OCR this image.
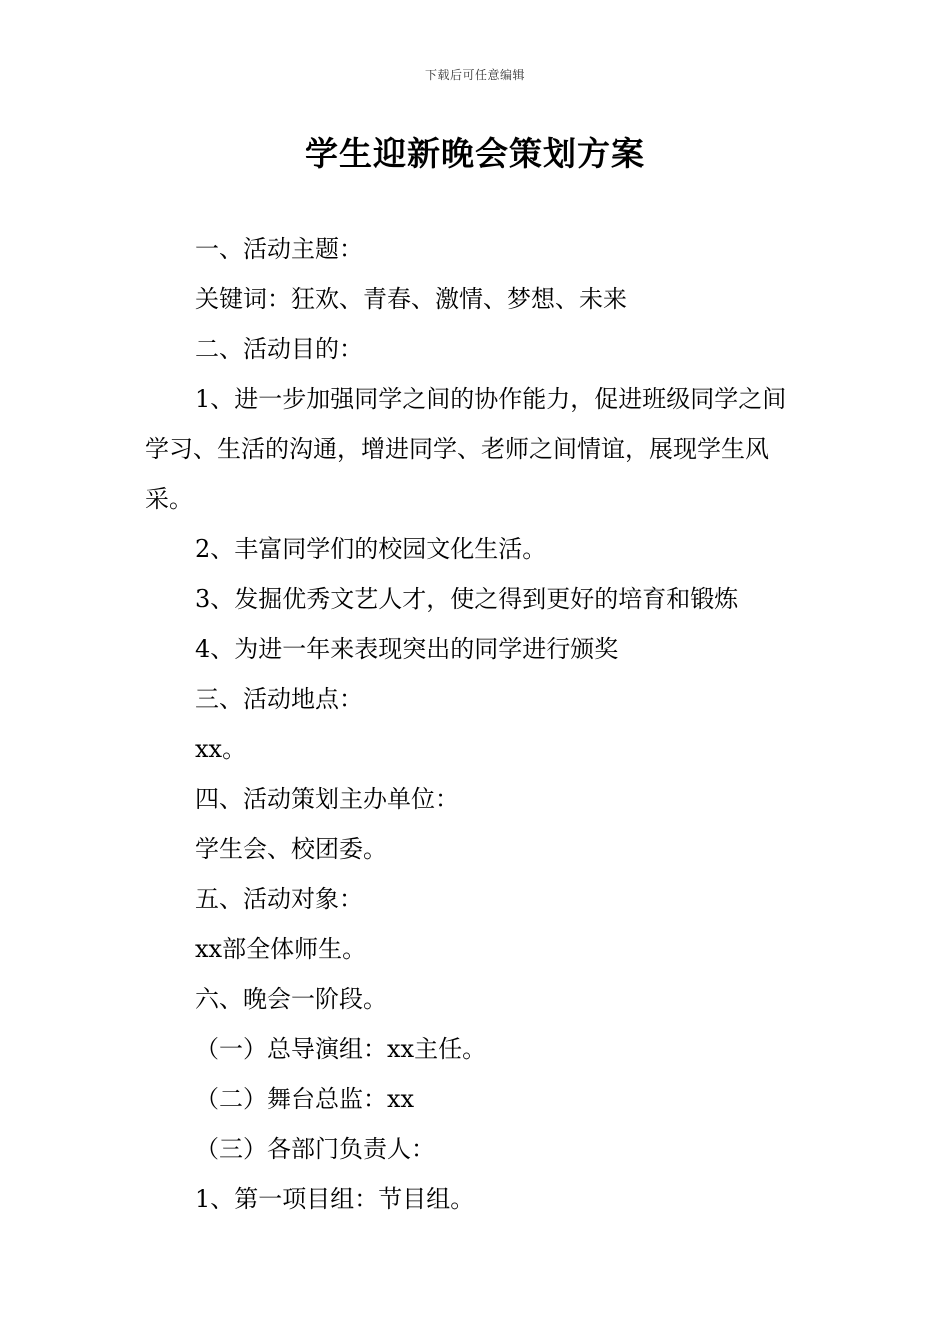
下载后可任意编辑
学生迎新晚会策划方案

一、活动主题：

关键词：狂欢、青春、激情、梦想、未来

二、活动目的：

1、进一步加强同学之间的协作能力，促进班级同学之间学习、生活的沟通，增进同学、老师之间情谊，展现学生风采。

2、丰富同学们的校园文化生活。

3、发掘优秀文艺人才，使之得到更好的培育和锻炼

4、为进一年来表现突出的同学进行颁奖

三、活动地点：

xx。

四、活动策划主办单位：

学生会、校团委。

五、活动对象：

xx部全体师生。

六、晚会一阶段。

（一）总导演组：xx主任。

（二）舞台总监：xx

（三）各部门负责人：

1、第一项目组：节目组。
